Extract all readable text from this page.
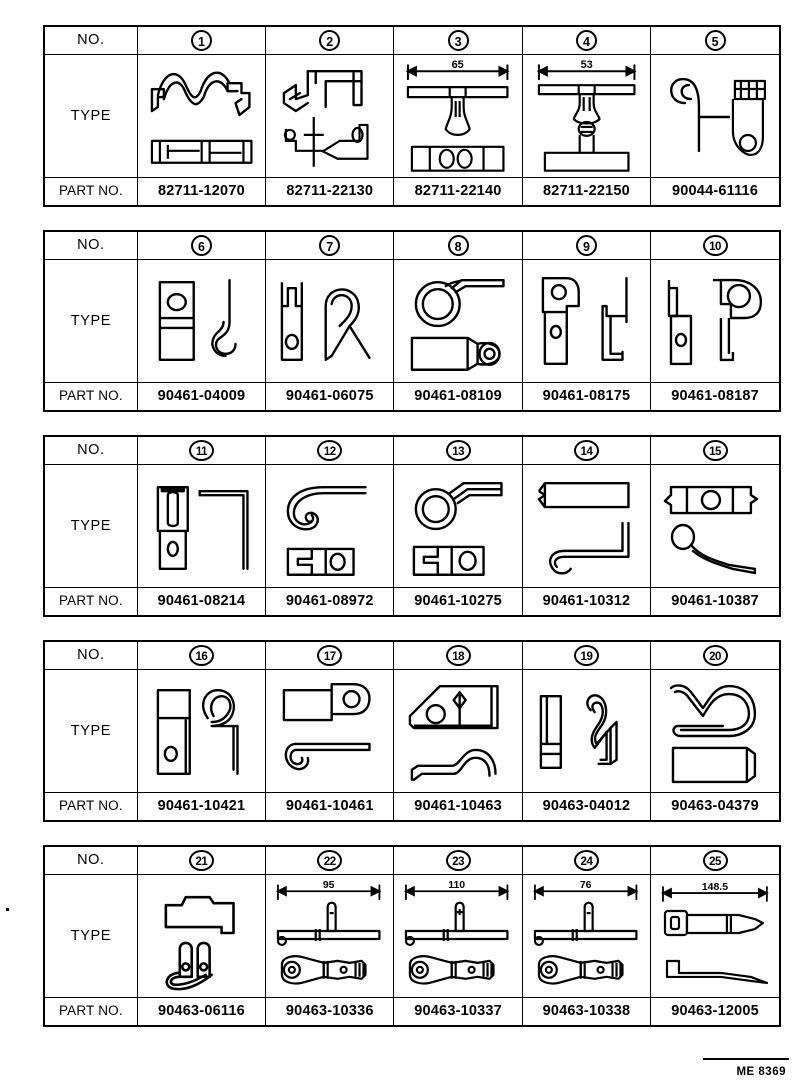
NO.	1	2	3	4	5
TYPE			65	53

PART NO.	82711-12070	82711-22130	82711-22140	82711-22150	90044-61116
NO.	6	7	8	9	10
TYPE	

PART NO.	90461-04009	90461-06075	90461-08109	90461-08175	90461-08187
NO.	11	12	13	14	15
TYPE	

PART NO.	90461-08214	90461-08972	90461-10275	90461-10312	90461-10387
NO.	16	17	18	19	20
TYPE	

PART NO.	90461-10421	90461-10461	90461-10463	90463-04012	90463-04379
NO.	21	22	23	24	25
TYPE		95	110	76	148.5

PART NO.	90463-06116	90463-10336	90463-10337	90463-10338	90463-12005
ME 8369
